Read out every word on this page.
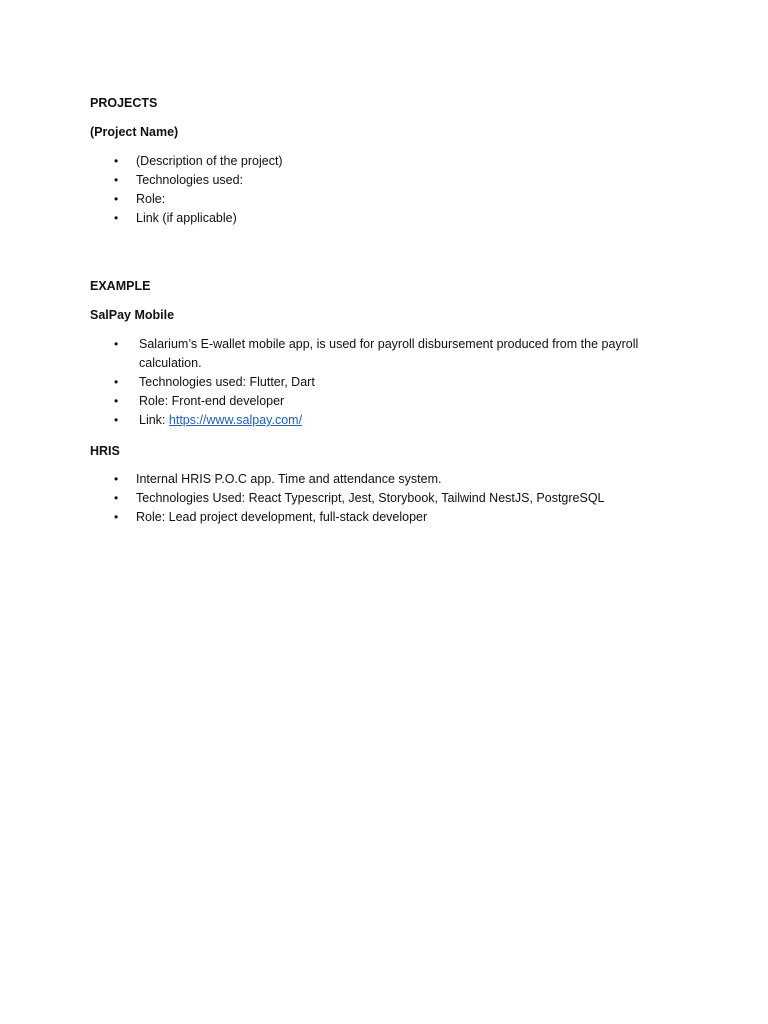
PROJECTS

(Project Name)

•	(Description of the project)
•	Technologies used:
•	Role:
•	Link (if applicable)

EXAMPLE

SalPay Mobile

•	Salarium’s E-wallet mobile app, is used for payroll disbursement produced from the payroll calculation.
•	Technologies used: Flutter, Dart
•	Role: Front-end developer
•	Link: https://www.salpay.com/

HRIS

•	Internal HRIS P.O.C app. Time and attendance system.
•	Technologies Used: React Typescript, Jest, Storybook, Tailwind NestJS, PostgreSQL
•	Role: Lead project development, full-stack developer
